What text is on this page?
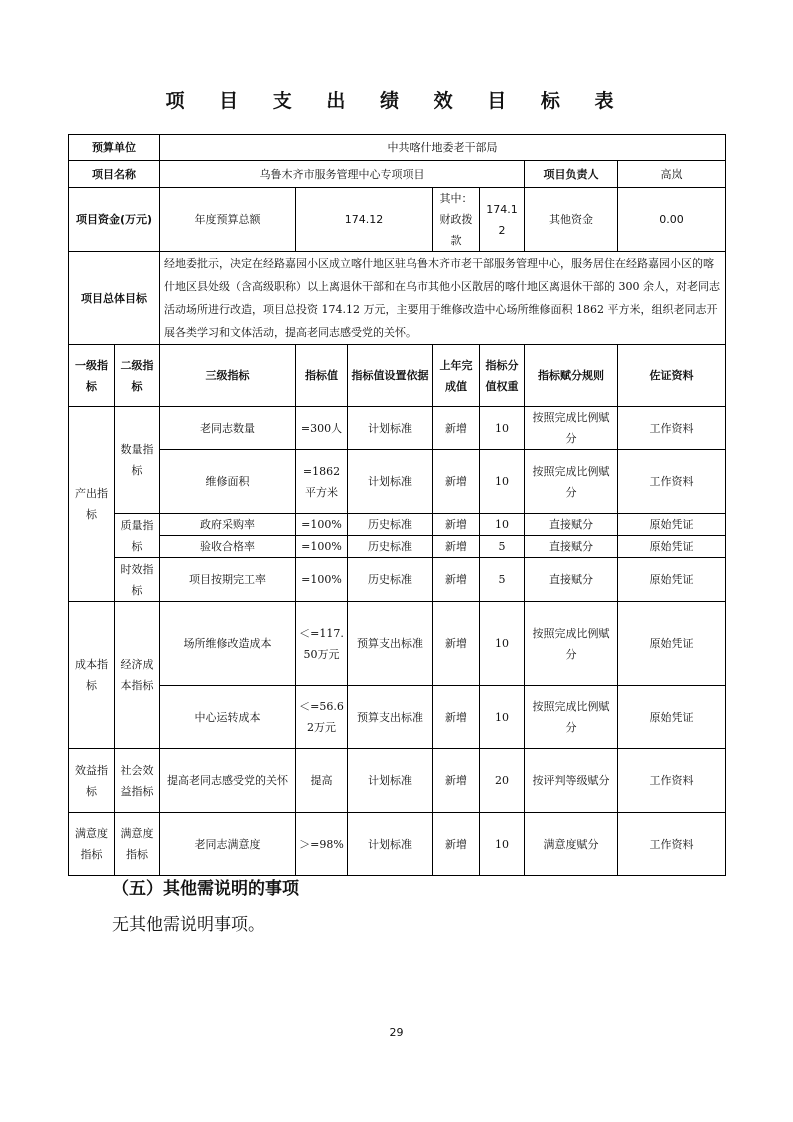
项 目 支 出 绩 效 目 标 表
预算单位		中共喀什地委老干部局						
项目名称		乌鲁木齐市服务管理中心专项项目					项目负责人	高岚
项目资金(万元)		年度预算总额	174.12		其中：财政拨款	174.12	其他资金	0.00
项目总体目标		经地委批示，决定在经路嘉园小区成立喀什地区驻乌鲁木齐市老干部服务管理中心，服务居住在经路嘉园小区的喀什地区县处级（含高级职称）以上离退休干部和在乌市其他小区散居的喀什地区离退休干部的 300 余人，对老同志活动场所进行改造，项目总投资 174.12 万元，主要用于维修改造中心场所维修面积 1862 平方米，组织老同志开展各类学习和文体活动，提高老同志感受党的关怀。						
一级指标	二级指标	三级指标	指标值	指标值设置依据	上年完成值	指标分值权重	指标赋分规则	佐证资料
产出指标	数量指标	老同志数量	=300人	计划标准	新增	10	按照完成比例赋分	工作资料
		维修面积	=1862平方米	计划标准	新增	10	按照完成比例赋分	工作资料
	质量指标	政府采购率	=100%	历史标准	新增	10	直接赋分	原始凭证
		验收合格率	=100%	历史标准	新增	5	直接赋分	原始凭证
	时效指标	项目按期完工率	=100%	历史标准	新增	5	直接赋分	原始凭证
成本指标	经济成本指标	场所维修改造成本	＜=117.50万元	预算支出标准	新增	10	按照完成比例赋分	原始凭证
		中心运转成本	＜=56.62万元	预算支出标准	新增	10	按照完成比例赋分	原始凭证
效益指标	社会效益指标	提高老同志感受党的关怀	提高	计划标准	新增	20	按评判等级赋分	工作资料
满意度指标	满意度指标	老同志满意度	＞=98%	计划标准	新增	10	满意度赋分	工作资料
（五）其他需说明的事项
无其他需说明事项。
29
